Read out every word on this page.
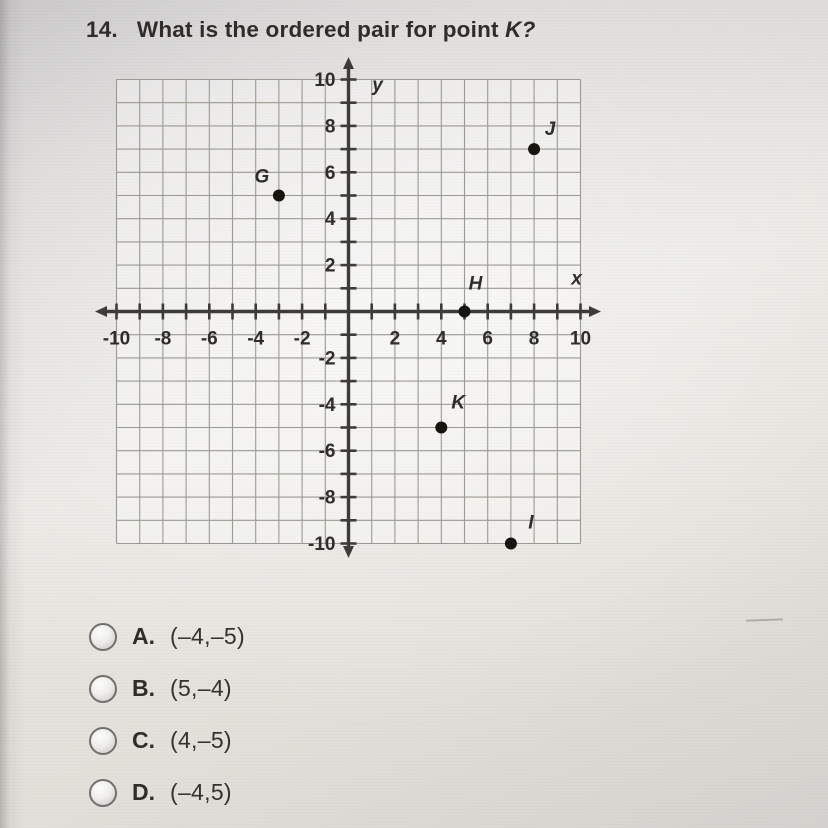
14. What is the ordered pair for point K?
-10 -8 -6 -4 -2	2 4 6 8 10
10
8
6
4
2
-2
-4
-6
-8
-10
y
x
G
J
H
K
I
A. (–4,–5)
B. (5,–4)
C. (4,–5)
D. (–4,5)
